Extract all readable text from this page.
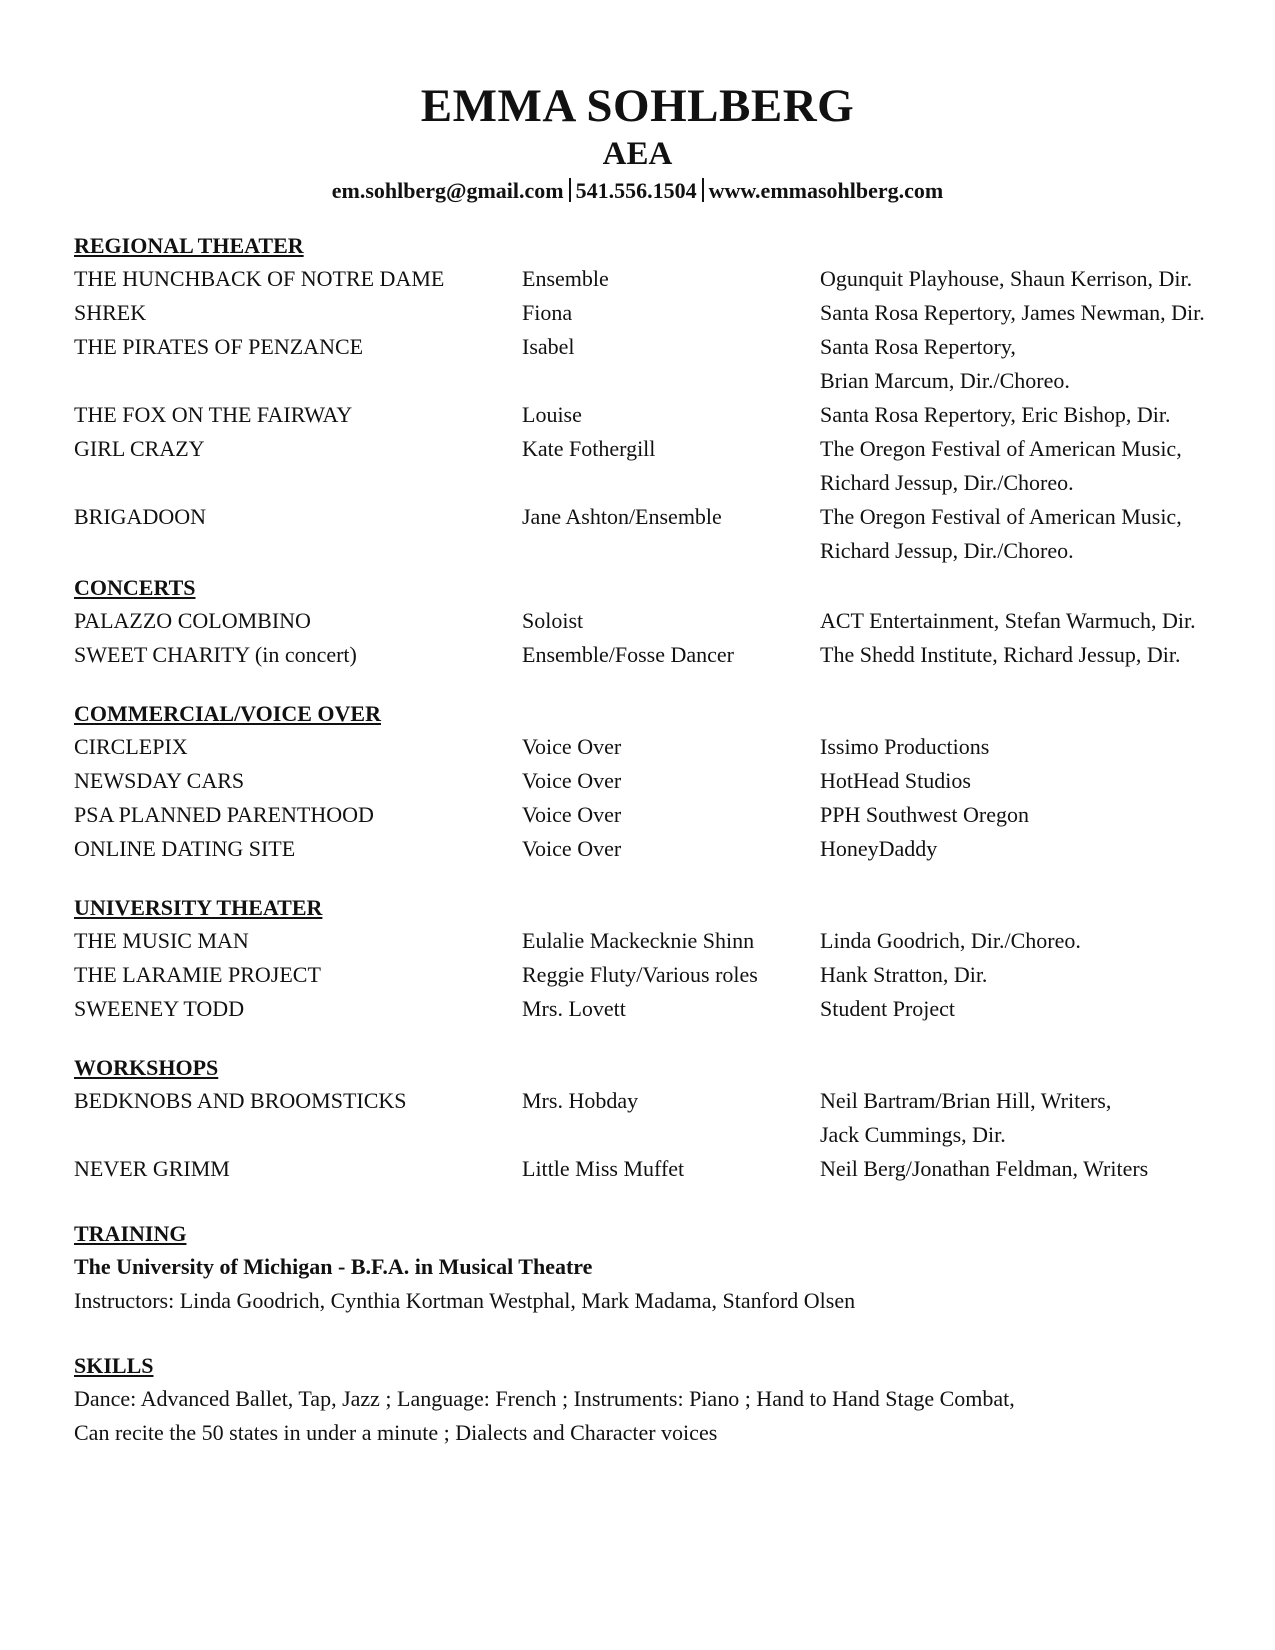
EMMA SOHLBERG
AEA
em.sohlberg@gmail.com 541.556.1504 www.emmasohlberg.com
REGIONAL THEATER
THE HUNCHBACK OF NOTRE DAME	Ensemble	Ogunquit Playhouse, Shaun Kerrison, Dir.
SHREK	Fiona	Santa Rosa Repertory, James Newman, Dir.
THE PIRATES OF PENZANCE	Isabel	Santa Rosa Repertory,
Brian Marcum, Dir./Choreo.
THE FOX ON THE FAIRWAY	Louise	Santa Rosa Repertory, Eric Bishop, Dir.
GIRL CRAZY	Kate Fothergill	The Oregon Festival of American Music,
Richard Jessup, Dir./Choreo.
BRIGADOON	Jane Ashton/Ensemble	The Oregon Festival of American Music,
Richard Jessup, Dir./Choreo.
CONCERTS
PALAZZO COLOMBINO	Soloist	ACT Entertainment, Stefan Warmuch, Dir.
SWEET CHARITY (in concert)	Ensemble/Fosse Dancer	The Shedd Institute, Richard Jessup, Dir.
COMMERCIAL/VOICE OVER
CIRCLEPIX	Voice Over	Issimo Productions
NEWSDAY CARS	Voice Over	HotHead Studios
PSA PLANNED PARENTHOOD	Voice Over	PPH Southwest Oregon
ONLINE DATING SITE	Voice Over	HoneyDaddy
UNIVERSITY THEATER
THE MUSIC MAN	Eulalie Mackecknie Shinn	Linda Goodrich, Dir./Choreo.
THE LARAMIE PROJECT	Reggie Fluty/Various roles	Hank Stratton, Dir.
SWEENEY TODD	Mrs. Lovett	Student Project
WORKSHOPS
BEDKNOBS AND BROOMSTICKS	Mrs. Hobday	Neil Bartram/Brian Hill, Writers,
Jack Cummings, Dir.
NEVER GRIMM	Little Miss Muffet	Neil Berg/Jonathan Feldman, Writers
TRAINING
The University of Michigan - B.F.A. in Musical Theatre
Instructors: Linda Goodrich, Cynthia Kortman Westphal, Mark Madama, Stanford Olsen
SKILLS
Dance: Advanced Ballet, Tap, Jazz ; Language: French ; Instruments: Piano ; Hand to Hand Stage Combat,
Can recite the 50 states in under a minute ; Dialects and Character voices
